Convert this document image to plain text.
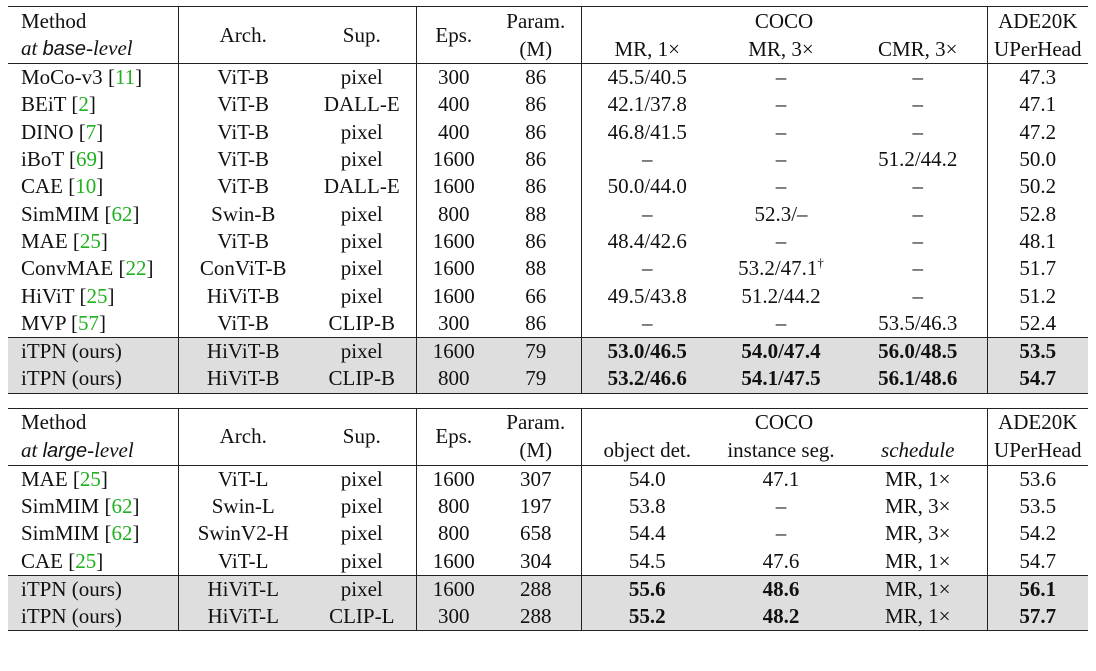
Method	Arch.	Sup.	Eps.	Param.	COCO			ADE20K
at base-level				(M)	MR, 1×	MR, 3×	CMR, 3×	UPerHead
MoCo-v3 [11]	ViT-B	pixel	300	86	45.5/40.5	–	–	47.3
BEiT [2]	ViT-B	DALL-E	400	86	42.1/37.8	–	–	47.1
DINO [7]	ViT-B	pixel	400	86	46.8/41.5	–	–	47.2
iBoT [69]	ViT-B	pixel	1600	86	–	–	51.2/44.2	50.0
CAE [10]	ViT-B	DALL-E	1600	86	50.0/44.0	–	–	50.2
SimMIM [62]	Swin-B	pixel	800	88	–	52.3/–	–	52.8
MAE [25]	ViT-B	pixel	1600	86	48.4/42.6	–	–	48.1
ConvMAE [22]	ConViT-B	pixel	1600	88	–	53.2/47.1†	–	51.7
HiViT [25]	HiViT-B	pixel	1600	66	49.5/43.8	51.2/44.2	–	51.2
MVP [57]	ViT-B	CLIP-B	300	86	–	–	53.5/46.3	52.4
iTPN (ours)	HiViT-B	pixel	1600	79	53.0/46.5	54.0/47.4	56.0/48.5	53.5
iTPN (ours)	HiViT-B	CLIP-B	800	79	53.2/46.6	54.1/47.5	56.1/48.6	54.7

Method	Arch.	Sup.	Eps.	Param.	COCO			ADE20K
at large-level				(M)	object det.	instance seg.	schedule	UPerHead
MAE [25]	ViT-L	pixel	1600	307	54.0	47.1	MR, 1×	53.6
SimMIM [62]	Swin-L	pixel	800	197	53.8	–	MR, 3×	53.5
SimMIM [62]	SwinV2-H	pixel	800	658	54.4	–	MR, 3×	54.2
CAE [25]	ViT-L	pixel	1600	304	54.5	47.6	MR, 1×	54.7
iTPN (ours)	HiViT-L	pixel	1600	288	55.6	48.6	MR, 1×	56.1
iTPN (ours)	HiViT-L	CLIP-L	300	288	55.2	48.2	MR, 1×	57.7
